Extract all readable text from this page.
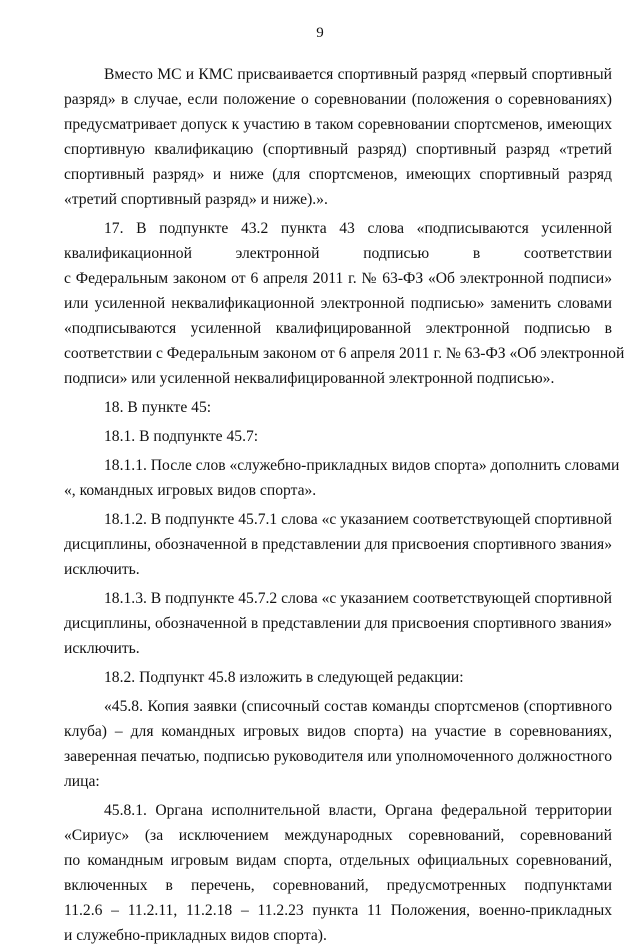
9
Вместо МС и КМС присваивается спортивный разряд «первый спортивный
разряд» в случае, если положение о соревновании (положения о соревнованиях)
предусматривает допуск к участию в таком соревновании спортсменов, имеющих
спортивную квалификацию (спортивный разряд) спортивный разряд «третий
спортивный разряд» и ниже (для спортсменов, имеющих спортивный разряд
«третий спортивный разряд» и ниже).».
17. В подпункте 43.2 пункта 43 слова «подписываются усиленной
квалификационной электронной подписью в соответствии
с Федеральным законом от 6 апреля 2011 г. № 63-ФЗ «Об электронной подписи»
или усиленной неквалификационной электронной подписью» заменить словами
«подписываются усиленной квалифицированной электронной подписью в
соответствии с Федеральным законом от 6 апреля 2011 г. № 63-ФЗ «Об электронной
подписи» или усиленной неквалифицированной электронной подписью».
18. В пункте 45:
18.1. В подпункте 45.7:
18.1.1. После слов «служебно-прикладных видов спорта» дополнить словами
«, командных игровых видов спорта».
18.1.2. В подпункте 45.7.1 слова «с указанием соответствующей спортивной
дисциплины, обозначенной в представлении для присвоения спортивного звания»
исключить.
18.1.3. В подпункте 45.7.2 слова «с указанием соответствующей спортивной
дисциплины, обозначенной в представлении для присвоения спортивного звания»
исключить.
18.2. Подпункт 45.8 изложить в следующей редакции:
«45.8. Копия заявки (списочный состав команды спортсменов (спортивного
клуба) – для командных игровых видов спорта) на участие в соревнованиях,
заверенная печатью, подписью руководителя или уполномоченного должностного
лица:
45.8.1. Органа исполнительной власти, Органа федеральной территории
«Сириус» (за исключением международных соревнований, соревнований
по командным игровым видам спорта, отдельных официальных соревнований,
включенных в перечень, соревнований, предусмотренных подпунктами
11.2.6 – 11.2.11, 11.2.18 – 11.2.23 пункта 11 Положения, военно-прикладных
и служебно-прикладных видов спорта).
